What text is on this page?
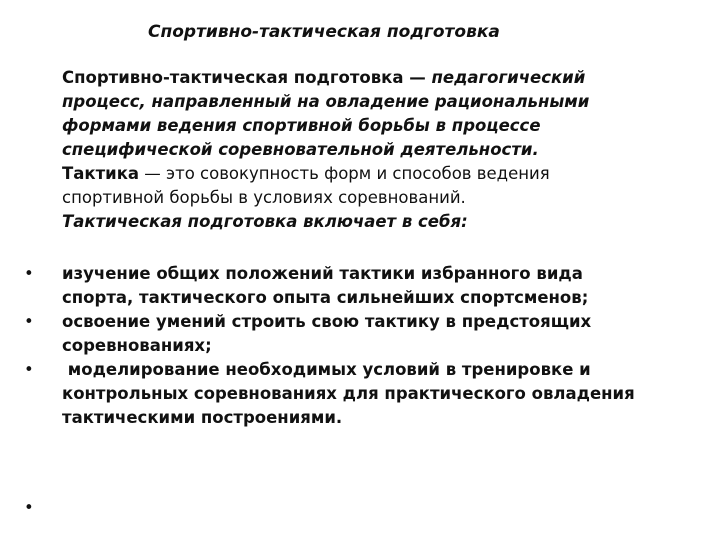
Спортивно-тактическая подготовка
Спортивно-тактическая подготовка — педагогический
процесс, направленный на овладение рациональными
формами ведения спортивной борьбы в процессе
специфической соревновательной деятельности.
Тактика — это совокупность форм и способов ведения
спортивной борьбы в условиях соревнований.
Тактическая подготовка включает в себя:
• изучение общих положений тактики избранного вида
спорта, тактического опыта сильнейших спортсменов;
• освоение умений строить свою тактику в предстоящих
соревнованиях;
• моделирование необходимых условий в тренировке и
контрольных соревнованиях для практического овладения
тактическими построениями.
•
